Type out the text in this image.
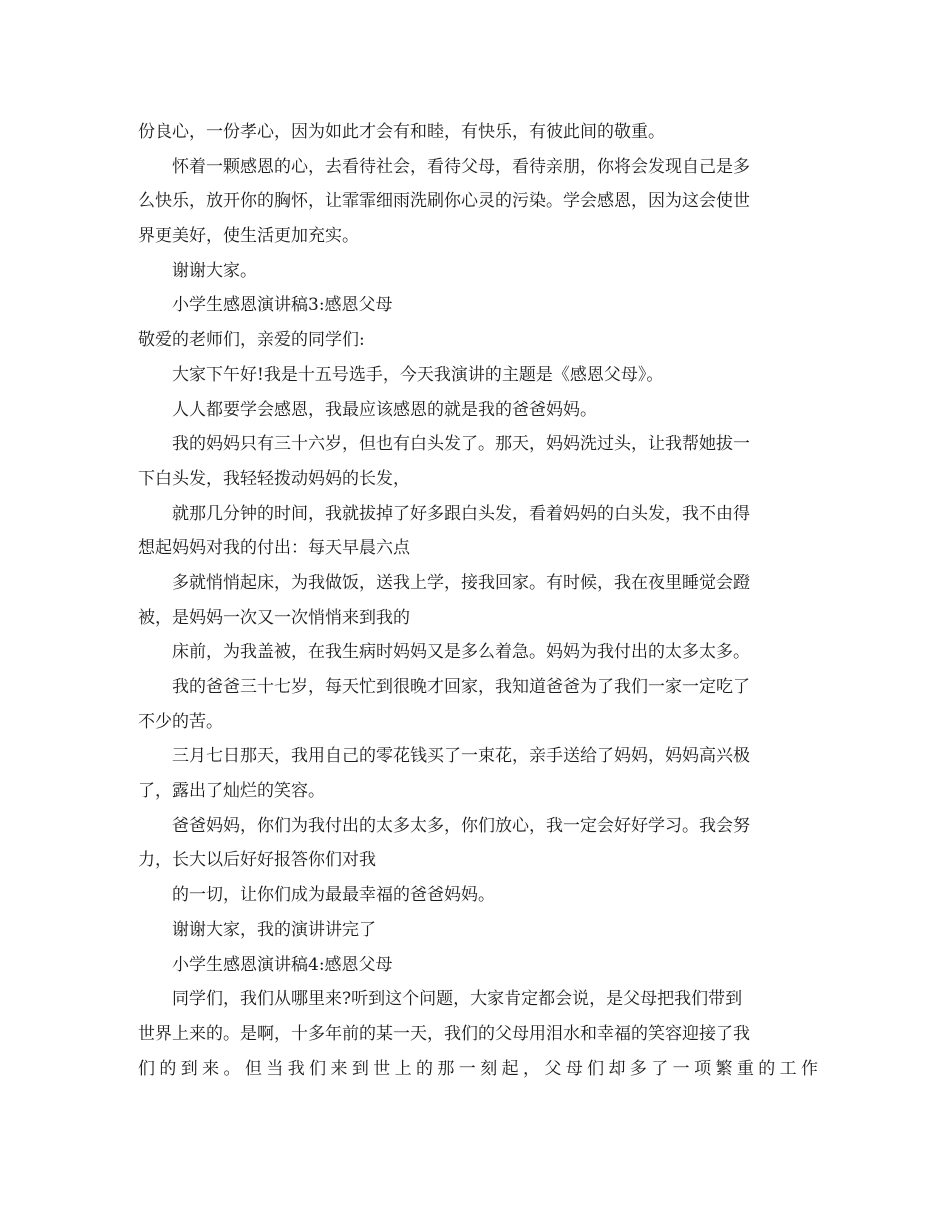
份良心，一份孝心，因为如此才会有和睦，有快乐，有彼此间的敬重。
怀着一颗感恩的心，去看待社会，看待父母，看待亲朋，你将会发现自己是多
么快乐，放开你的胸怀，让霏霏细雨洗刷你心灵的污染。学会感恩，因为这会使世
界更美好，使生活更加充实。
谢谢大家。
小学生感恩演讲稿3:感恩父母
敬爱的老师们，亲爱的同学们:
大家下午好!我是十五号选手，今天我演讲的主题是《感恩父母》。
人人都要学会感恩，我最应该感恩的就是我的爸爸妈妈。
我的妈妈只有三十六岁，但也有白头发了。那天，妈妈洗过头，让我帮她拔一
下白头发，我轻轻拨动妈妈的长发，
就那几分钟的时间，我就拔掉了好多跟白头发，看着妈妈的白头发，我不由得
想起妈妈对我的付出：每天早晨六点
多就悄悄起床，为我做饭，送我上学，接我回家。有时候，我在夜里睡觉会蹬
被，是妈妈一次又一次悄悄来到我的
床前，为我盖被，在我生病时妈妈又是多么着急。妈妈为我付出的太多太多。
我的爸爸三十七岁，每天忙到很晚才回家，我知道爸爸为了我们一家一定吃了
不少的苦。
三月七日那天，我用自己的零花钱买了一束花，亲手送给了妈妈，妈妈高兴极
了，露出了灿烂的笑容。
爸爸妈妈，你们为我付出的太多太多，你们放心，我一定会好好学习。我会努
力，长大以后好好报答你们对我
的一切，让你们成为最最幸福的爸爸妈妈。
谢谢大家，我的演讲讲完了
小学生感恩演讲稿4:感恩父母
同学们，我们从哪里来?听到这个问题，大家肯定都会说，是父母把我们带到
世界上来的。是啊，十多年前的某一天，我们的父母用泪水和幸福的笑容迎接了我
们的到来。但当我们来到世上的那一刻起，父母们却多了一项繁重的工作
